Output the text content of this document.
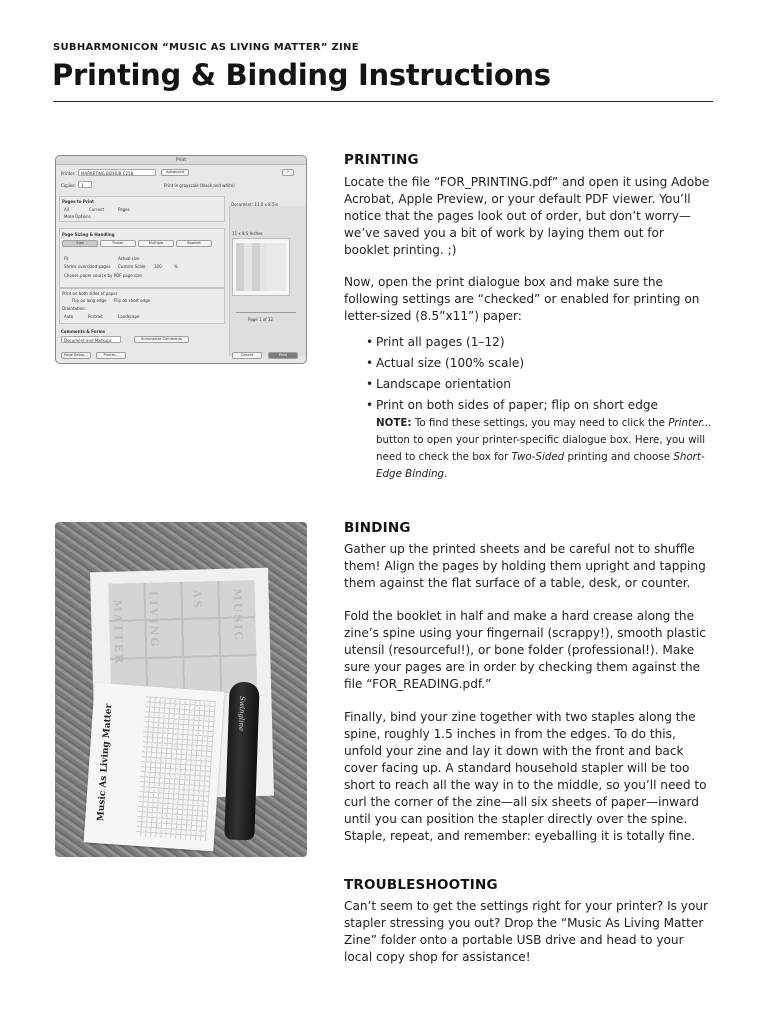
SUBHARMONICON “MUSIC AS LIVING MATTER” ZINE
Printing & Binding Instructions
Print
Printer: MARKETING BIZHUB C258	Advanced	?
Copies: 1	Print in grayscale (black and white)
Pages to Print
All	Current	Pages
More Options
Page Sizing & Handling
Size	Poster	Multiple	Booklet
Fit	Actual size
Shrink oversized pages Custom Scale: 100	%
Choose paper source by PDF page size
Print on both sides of paper
Flip on long edge Flip on short edge
Orientation:
Auto	Portrait	Landscape
Comments & Forms
Document and Markups	Summarize Comments
Document: 11.0 x 8.5in
11 x 8.5 Inches
Page 1 of 12
Page Setup...	Printer...	Cancel	Print
PRINTING

Locate the file “FOR_PRINTING.pdf” and open it using Adobe Acrobat, Apple Preview, or your default PDF viewer. You’ll notice that the pages look out of order, but don’t worry—we’ve saved you a bit of work by laying them out for booklet printing. ;)

Now, open the print dialogue box and make sure the following settings are “checked” or enabled for printing on letter-sized (8.5”x11”) paper:

• Print all pages (1–12)
• Actual size (100% scale)
• Landscape orientation
• Print on both sides of paper; flip on short edge

NOTE: To find these settings, you may need to click the Printer... button to open your printer-specific dialogue box. Here, you will need to check the box for Two-Sided printing and choose Short-Edge Binding.

MATTER LIVING	AS MUSIC
Music As Living Matter	Swingline
BINDING

Gather up the printed sheets and be careful not to shuffle them! Align the pages by holding them upright and tapping them against the flat surface of a table, desk, or counter.

Fold the booklet in half and make a hard crease along the zine’s spine using your fingernail (scrappy!), smooth plastic utensil (resourceful!), or bone folder (professional!). Make sure your pages are in order by checking them against the file “FOR_READING.pdf.”

Finally, bind your zine together with two staples along the spine, roughly 1.5 inches in from the edges. To do this, unfold your zine and lay it down with the front and back cover facing up. A standard household stapler will be too short to reach all the way in to the middle, so you’ll need to curl the corner of the zine—all six sheets of paper—inward until you can position the stapler directly over the spine. Staple, repeat, and remember: eyeballing it is totally fine.

TROUBLESHOOTING

Can’t seem to get the settings right for your printer? Is your stapler stressing you out? Drop the “Music As Living Matter Zine” folder onto a portable USB drive and head to your local copy shop for assistance!
